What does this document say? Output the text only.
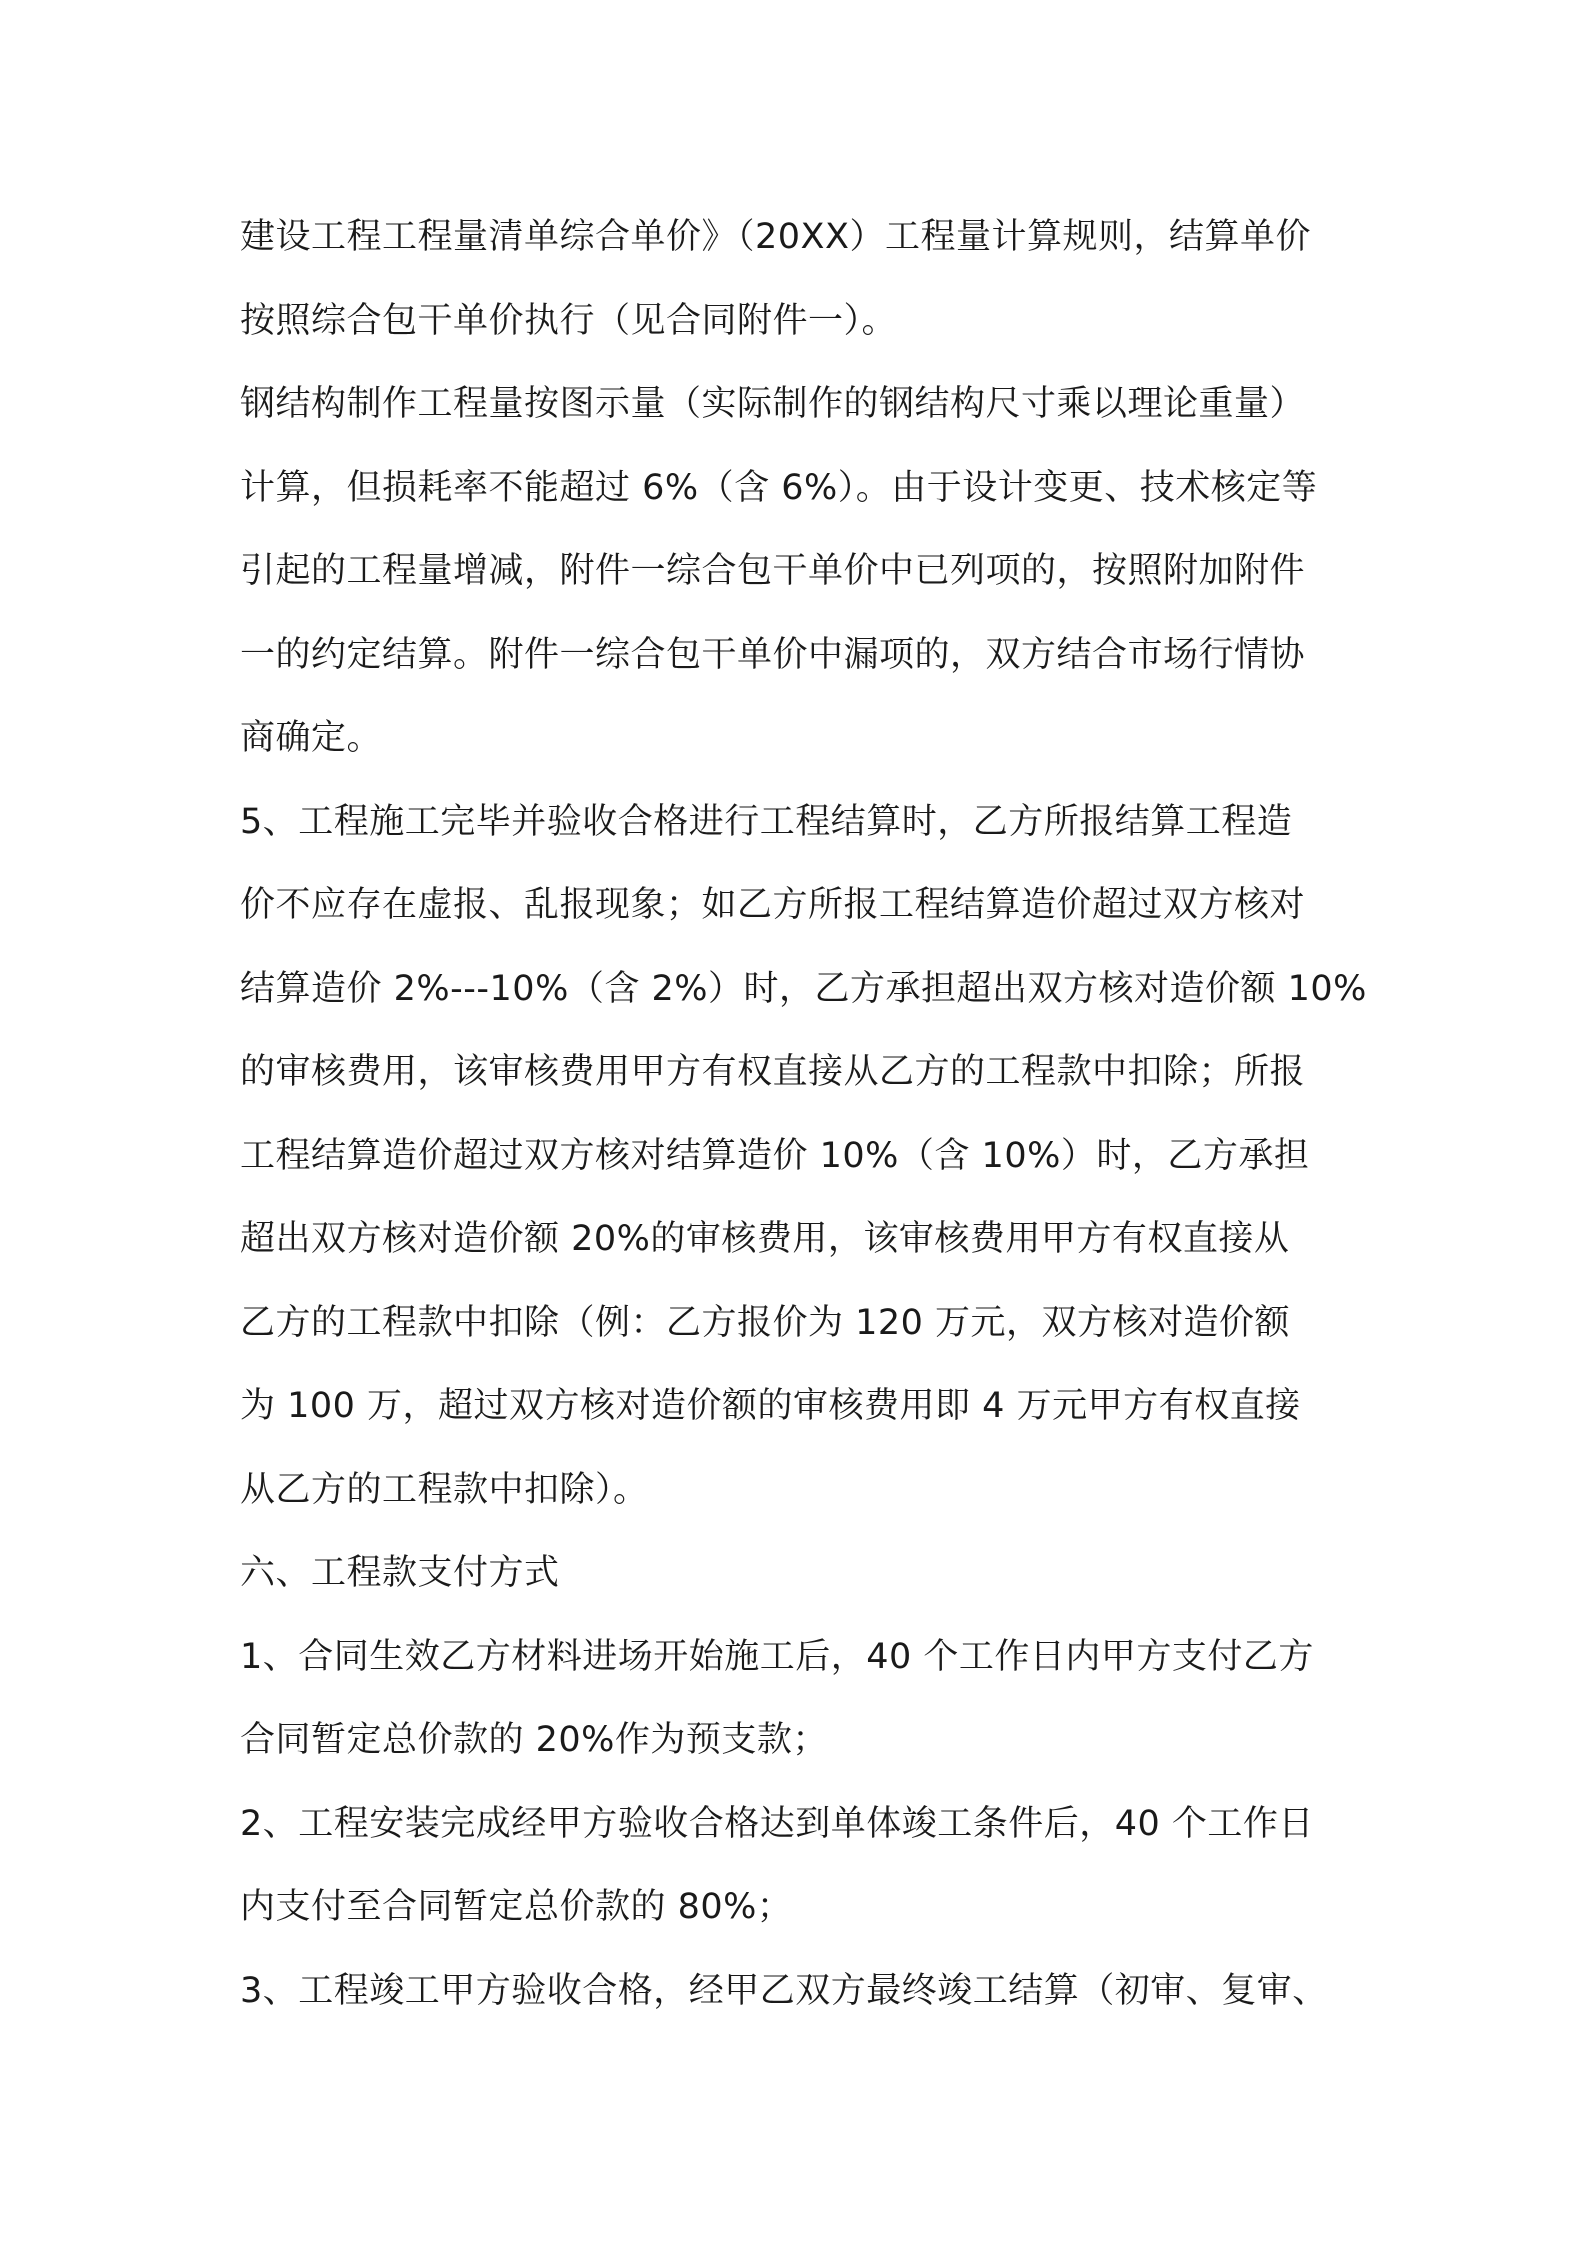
建设工程工程量清单综合单价》（20XX）工程量计算规则，结算单价
按照综合包干单价执行（见合同附件一）。
钢结构制作工程量按图示量（实际制作的钢结构尺寸乘以理论重量）
计算，但损耗率不能超过 6%（含 6%）。由于设计变更、技术核定等
引起的工程量增减，附件一综合包干单价中已列项的，按照附加附件
一的约定结算。附件一综合包干单价中漏项的，双方结合市场行情协
商确定。
5、工程施工完毕并验收合格进行工程结算时，乙方所报结算工程造
价不应存在虚报、乱报现象；如乙方所报工程结算造价超过双方核对
结算造价 2%---10%（含 2%）时，乙方承担超出双方核对造价额 10%
的审核费用，该审核费用甲方有权直接从乙方的工程款中扣除；所报
工程结算造价超过双方核对结算造价 10%（含 10%）时，乙方承担
超出双方核对造价额 20%的审核费用，该审核费用甲方有权直接从
乙方的工程款中扣除（例：乙方报价为 120 万元，双方核对造价额
为 100 万，超过双方核对造价额的审核费用即 4 万元甲方有权直接
从乙方的工程款中扣除）。
六、工程款支付方式
1、合同生效乙方材料进场开始施工后，40 个工作日内甲方支付乙方
合同暂定总价款的 20%作为预支款；
2、工程安装完成经甲方验收合格达到单体竣工条件后，40 个工作日
内支付至合同暂定总价款的 80%；
3、工程竣工甲方验收合格，经甲乙双方最终竣工结算（初审、复审、
